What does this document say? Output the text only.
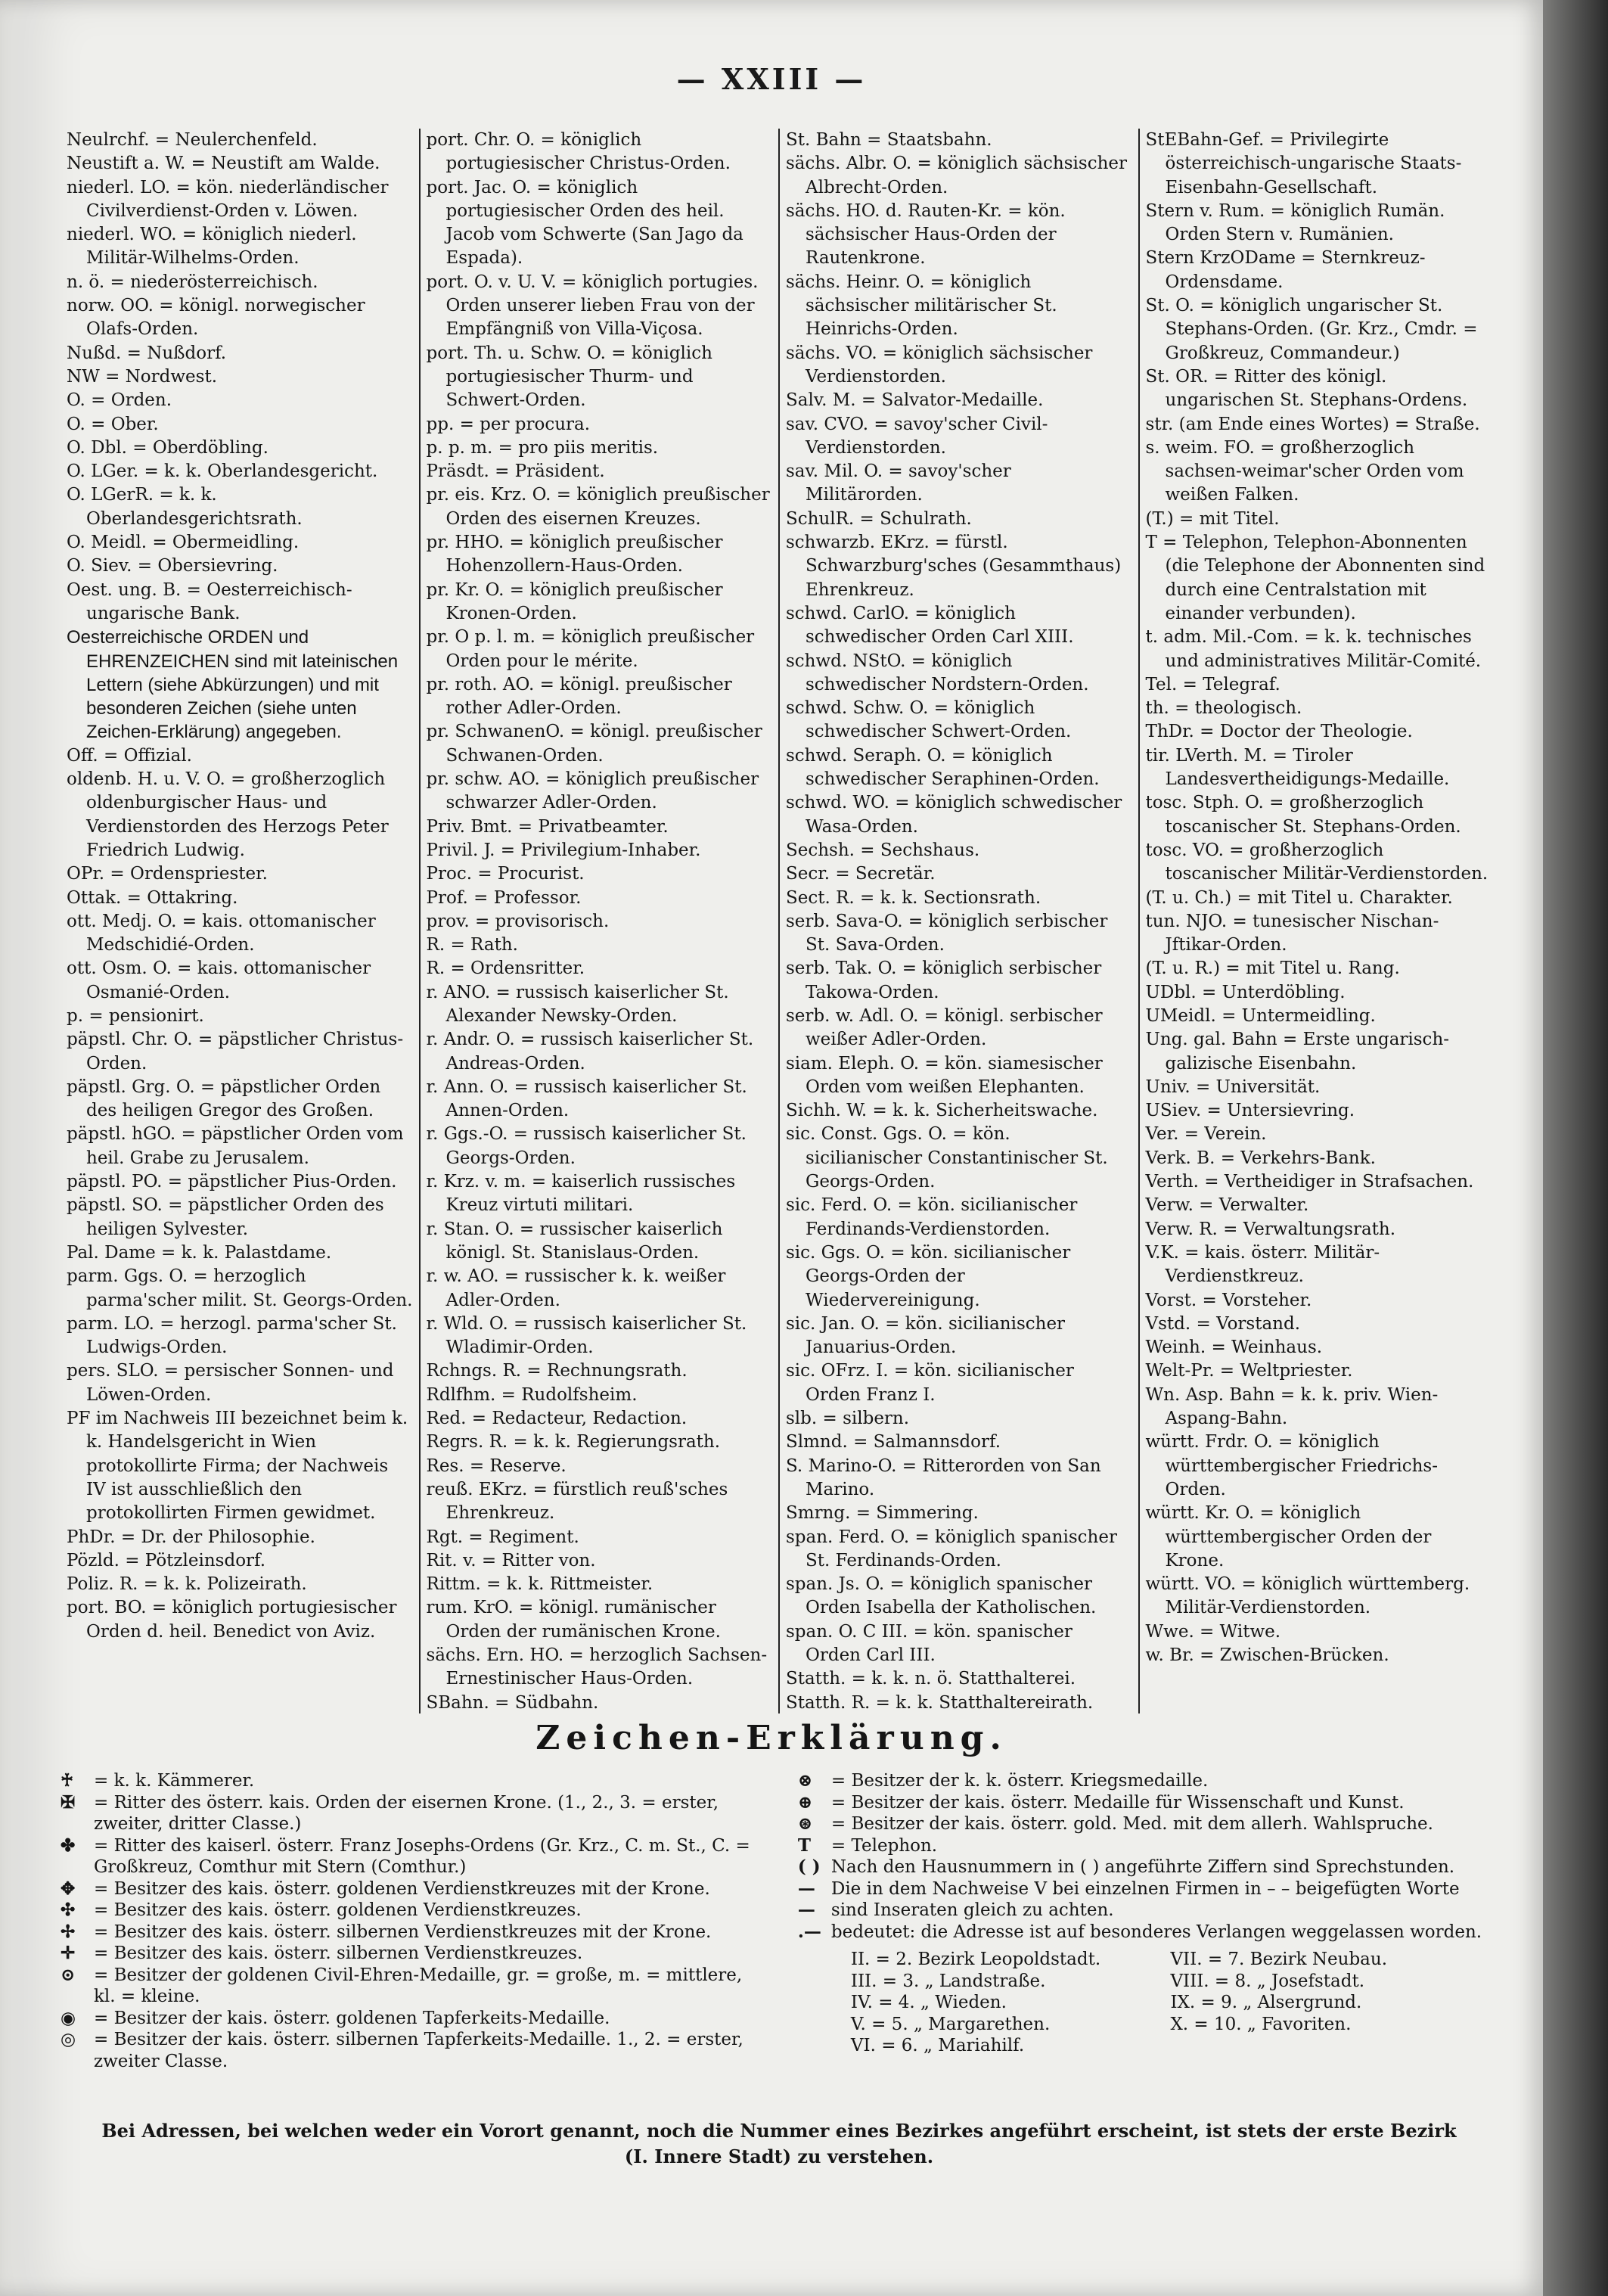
— XXIII —

Neulrchf. = Neulerchenfeld.

Neustift a. W. = Neustift am Walde.

niederl. LO. = kön. niederländischer Civilverdienst-Orden v. Löwen.

niederl. WO. = königlich niederl. Militär-Wilhelms-Orden.

n. ö. = niederösterreichisch.

norw. OO. = königl. norwegischer Olafs-Orden.

Nußd. = Nußdorf.

NW = Nordwest.

O. = Orden.

O. = Ober.

O. Dbl. = Oberdöbling.

O. LGer. = k. k. Oberlandesgericht.

O. LGerR. = k. k. Oberlandesgerichtsrath.

O. Meidl. = Obermeidling.

O. Siev. = Obersievring.

Oest. ung. B. = Oesterreichisch-ungarische Bank.

Oesterreichische ORDEN und EHRENZEICHEN sind mit lateinischen Lettern (siehe Abkürzungen) und mit besonderen Zeichen (siehe unten Zeichen-Erklärung) angegeben.

Off. = Offizial.

oldenb. H. u. V. O. = großherzoglich oldenburgischer Haus- und Verdienstorden des Herzogs Peter Friedrich Ludwig.

OPr. = Ordenspriester.

Ottak. = Ottakring.

ott. Medj. O. = kais. ottomanischer Medschidié-Orden.

ott. Osm. O. = kais. ottomanischer Osmanié-Orden.

p. = pensionirt.

päpstl. Chr. O. = päpstlicher Christus-Orden.

päpstl. Grg. O. = päpstlicher Orden des heiligen Gregor des Großen.

päpstl. hGO. = päpstlicher Orden vom heil. Grabe zu Jerusalem.

päpstl. PO. = päpstlicher Pius-Orden.

päpstl. SO. = päpstlicher Orden des heiligen Sylvester.

Pal. Dame = k. k. Palastdame.

parm. Ggs. O. = herzoglich parma'scher milit. St. Georgs-Orden.

parm. LO. = herzogl. parma'scher St. Ludwigs-Orden.

pers. SLO. = persischer Sonnen- und Löwen-Orden.

PF im Nachweis III bezeichnet beim k. k. Handelsgericht in Wien protokollirte Firma; der Nachweis IV ist ausschließlich den protokollirten Firmen gewidmet.

PhDr. = Dr. der Philosophie.

Pözld. = Pötzleinsdorf.

Poliz. R. = k. k. Polizeirath.

port. BO. = königlich portugiesischer Orden d. heil. Benedict von Aviz.

port. Chr. O. = königlich portugiesischer Christus-Orden.

port. Jac. O. = königlich portugiesischer Orden des heil. Jacob vom Schwerte (San Jago da Espada).

port. O. v. U. V. = königlich portugies. Orden unserer lieben Frau von der Empfängniß von Villa-Viçosa.

port. Th. u. Schw. O. = königlich portugiesischer Thurm- und Schwert-Orden.

pp. = per procura.

p. p. m. = pro piis meritis.

Präsdt. = Präsident.

pr. eis. Krz. O. = königlich preußischer Orden des eisernen Kreuzes.

pr. HHO. = königlich preußischer Hohenzollern-Haus-Orden.

pr. Kr. O. = königlich preußischer Kronen-Orden.

pr. O p. l. m. = königlich preußischer Orden pour le mérite.

pr. roth. AO. = königl. preußischer rother Adler-Orden.

pr. SchwanenO. = königl. preußischer Schwanen-Orden.

pr. schw. AO. = königlich preußischer schwarzer Adler-Orden.

Priv. Bmt. = Privatbeamter.

Privil. J. = Privilegium-Inhaber.

Proc. = Procurist.

Prof. = Professor.

prov. = provisorisch.

R. = Rath.

R. = Ordensritter.

r. ANO. = russisch kaiserlicher St. Alexander Newsky-Orden.

r. Andr. O. = russisch kaiserlicher St. Andreas-Orden.

r. Ann. O. = russisch kaiserlicher St. Annen-Orden.

r. Ggs.-O. = russisch kaiserlicher St. Georgs-Orden.

r. Krz. v. m. = kaiserlich russisches Kreuz virtuti militari.

r. Stan. O. = russischer kaiserlich königl. St. Stanislaus-Orden.

r. w. AO. = russischer k. k. weißer Adler-Orden.

r. Wld. O. = russisch kaiserlicher St. Wladimir-Orden.

Rchngs. R. = Rechnungsrath.

Rdlfhm. = Rudolfsheim.

Red. = Redacteur, Redaction.

Regrs. R. = k. k. Regierungsrath.

Res. = Reserve.

reuß. EKrz. = fürstlich reuß'sches Ehrenkreuz.

Rgt. = Regiment.

Rit. v. = Ritter von.

Rittm. = k. k. Rittmeister.

rum. KrO. = königl. rumänischer Orden der rumänischen Krone.

sächs. Ern. HO. = herzoglich Sachsen-Ernestinischer Haus-Orden.

SBahn. = Südbahn.

St. Bahn = Staatsbahn.

sächs. Albr. O. = königlich sächsischer Albrecht-Orden.

sächs. HO. d. Rauten-Kr. = kön. sächsischer Haus-Orden der Rautenkrone.

sächs. Heinr. O. = königlich sächsischer militärischer St. Heinrichs-Orden.

sächs. VO. = königlich sächsischer Verdienstorden.

Salv. M. = Salvator-Medaille.

sav. CVO. = savoy'scher Civil-Verdienstorden.

sav. Mil. O. = savoy'scher Militärorden.

SchulR. = Schulrath.

schwarzb. EKrz. = fürstl. Schwarzburg'sches (Gesammthaus) Ehrenkreuz.

schwd. CarlO. = königlich schwedischer Orden Carl XIII.

schwd. NStO. = königlich schwedischer Nordstern-Orden.

schwd. Schw. O. = königlich schwedischer Schwert-Orden.

schwd. Seraph. O. = königlich schwedischer Seraphinen-Orden.

schwd. WO. = königlich schwedischer Wasa-Orden.

Sechsh. = Sechshaus.

Secr. = Secretär.

Sect. R. = k. k. Sectionsrath.

serb. Sava-O. = königlich serbischer St. Sava-Orden.

serb. Tak. O. = königlich serbischer Takowa-Orden.

serb. w. Adl. O. = königl. serbischer weißer Adler-Orden.

siam. Eleph. O. = kön. siamesischer Orden vom weißen Elephanten.

Sichh. W. = k. k. Sicherheitswache.

sic. Const. Ggs. O. = kön. sicilianischer Constantinischer St. Georgs-Orden.

sic. Ferd. O. = kön. sicilianischer Ferdinands-Verdienstorden.

sic. Ggs. O. = kön. sicilianischer Georgs-Orden der Wiedervereinigung.

sic. Jan. O. = kön. sicilianischer Januarius-Orden.

sic. OFrz. I. = kön. sicilianischer Orden Franz I.

slb. = silbern.

Slmnd. = Salmannsdorf.

S. Marino-O. = Ritterorden von San Marino.

Smrng. = Simmering.

span. Ferd. O. = königlich spanischer St. Ferdinands-Orden.

span. Js. O. = königlich spanischer Orden Isabella der Katholischen.

span. O. C III. = kön. spanischer Orden Carl III.

Statth. = k. k. n. ö. Statthalterei.

Statth. R. = k. k. Statthaltereirath.

StEBahn-Gef. = Privilegirte österreichisch-ungarische Staats-Eisenbahn-Gesellschaft.

Stern v. Rum. = königlich Rumän. Orden Stern v. Rumänien.

Stern KrzODame = Sternkreuz-Ordensdame.

St. O. = königlich ungarischer St. Stephans-Orden. (Gr. Krz., Cmdr. = Großkreuz, Commandeur.)

St. OR. = Ritter des königl. ungarischen St. Stephans-Ordens.

str. (am Ende eines Wortes) = Straße.

s. weim. FO. = großherzoglich sachsen-weimar'scher Orden vom weißen Falken.

(T.) = mit Titel.

T = Telephon, Telephon-Abonnenten (die Telephone der Abonnenten sind durch eine Centralstation mit einander verbunden).

t. adm. Mil.-Com. = k. k. technisches und administratives Militär-Comité.

Tel. = Telegraf.

th. = theologisch.

ThDr. = Doctor der Theologie.

tir. LVerth. M. = Tiroler Landesvertheidigungs-Medaille.

tosc. Stph. O. = großherzoglich toscanischer St. Stephans-Orden.

tosc. VO. = großherzoglich toscanischer Militär-Verdienstorden.

(T. u. Ch.) = mit Titel u. Charakter.

tun. NJO. = tunesischer Nischan-Jftikar-Orden.

(T. u. R.) = mit Titel u. Rang.

UDbl. = Unterdöbling.

UMeidl. = Untermeidling.

Ung. gal. Bahn = Erste ungarisch-galizische Eisenbahn.

Univ. = Universität.

USiev. = Untersievring.

Ver. = Verein.

Verk. B. = Verkehrs-Bank.

Verth. = Vertheidiger in Strafsachen.

Verw. = Verwalter.

Verw. R. = Verwaltungsrath.

V.K. = kais. österr. Militär-Verdienstkreuz.

Vorst. = Vorsteher.

Vstd. = Vorstand.

Weinh. = Weinhaus.

Welt-Pr. = Weltpriester.

Wn. Asp. Bahn = k. k. priv. Wien-Aspang-Bahn.

württ. Frdr. O. = königlich württembergischer Friedrichs-Orden.

württ. Kr. O. = königlich württembergischer Orden der Krone.

württ. VO. = königlich württemberg. Militär-Verdienstorden.

Wwe. = Witwe.

w. Br. = Zwischen-Brücken.

Zeichen-Erklärung.
♰	= k. k. Kämmerer.
✠	= Ritter des österr. kais. Orden der eisernen Krone. (1., 2., 3. = erster, zweiter, dritter Classe.)
✤	= Ritter des kaiserl. österr. Franz Josephs-Ordens (Gr. Krz., C. m. St., C. = Großkreuz, Comthur mit Stern (Comthur.)
✥	= Besitzer des kais. österr. goldenen Verdienstkreuzes mit der Krone.
✣	= Besitzer des kais. österr. goldenen Verdienstkreuzes.
✢	= Besitzer des kais. österr. silbernen Verdienstkreuzes mit der Krone.
✛	= Besitzer des kais. österr. silbernen Verdienstkreuzes.
⊙	= Besitzer der goldenen Civil-Ehren-Medaille, gr. = große, m. = mittlere, kl. = kleine.
◉	= Besitzer der kais. österr. goldenen Tapferkeits-Medaille.
◎	= Besitzer der kais. österr. silbernen Tapferkeits-Medaille. 1., 2. = erster, zweiter Classe.
⊗	= Besitzer der k. k. österr. Kriegsmedaille.
⊕	= Besitzer der kais. österr. Medaille für Wissenschaft und Kunst.
⊛	= Besitzer der kais. österr. gold. Med. mit dem allerh. Wahlspruche.
T	= Telephon.
( ) Nach den Hausnummern in ( ) angeführte Ziffern sind Sprechstunden.
— —
Die in dem Nachweise V bei einzelnen Firmen in – – beigefügten Worte sind Inseraten gleich zu achten.
.— bedeutet: die Adresse ist auf besonderes Verlangen weggelassen worden.
II. = 2. Bezirk Leopoldstadt.	VII. = 7. Bezirk Neubau.
III. = 3. „ Landstraße.	VIII. = 8. „ Josefstadt.
IV. = 4. „ Wieden.	IX. = 9. „ Alsergrund.
V. = 5. „ Margarethen.	X. = 10. „ Favoriten.
VI. = 6. „ Mariahilf.
Bei Adressen, bei welchen weder ein Vorort genannt, noch die Nummer eines Bezirkes angeführt erscheint, ist stets der erste Bezirk (I. Innere Stadt) zu verstehen.
